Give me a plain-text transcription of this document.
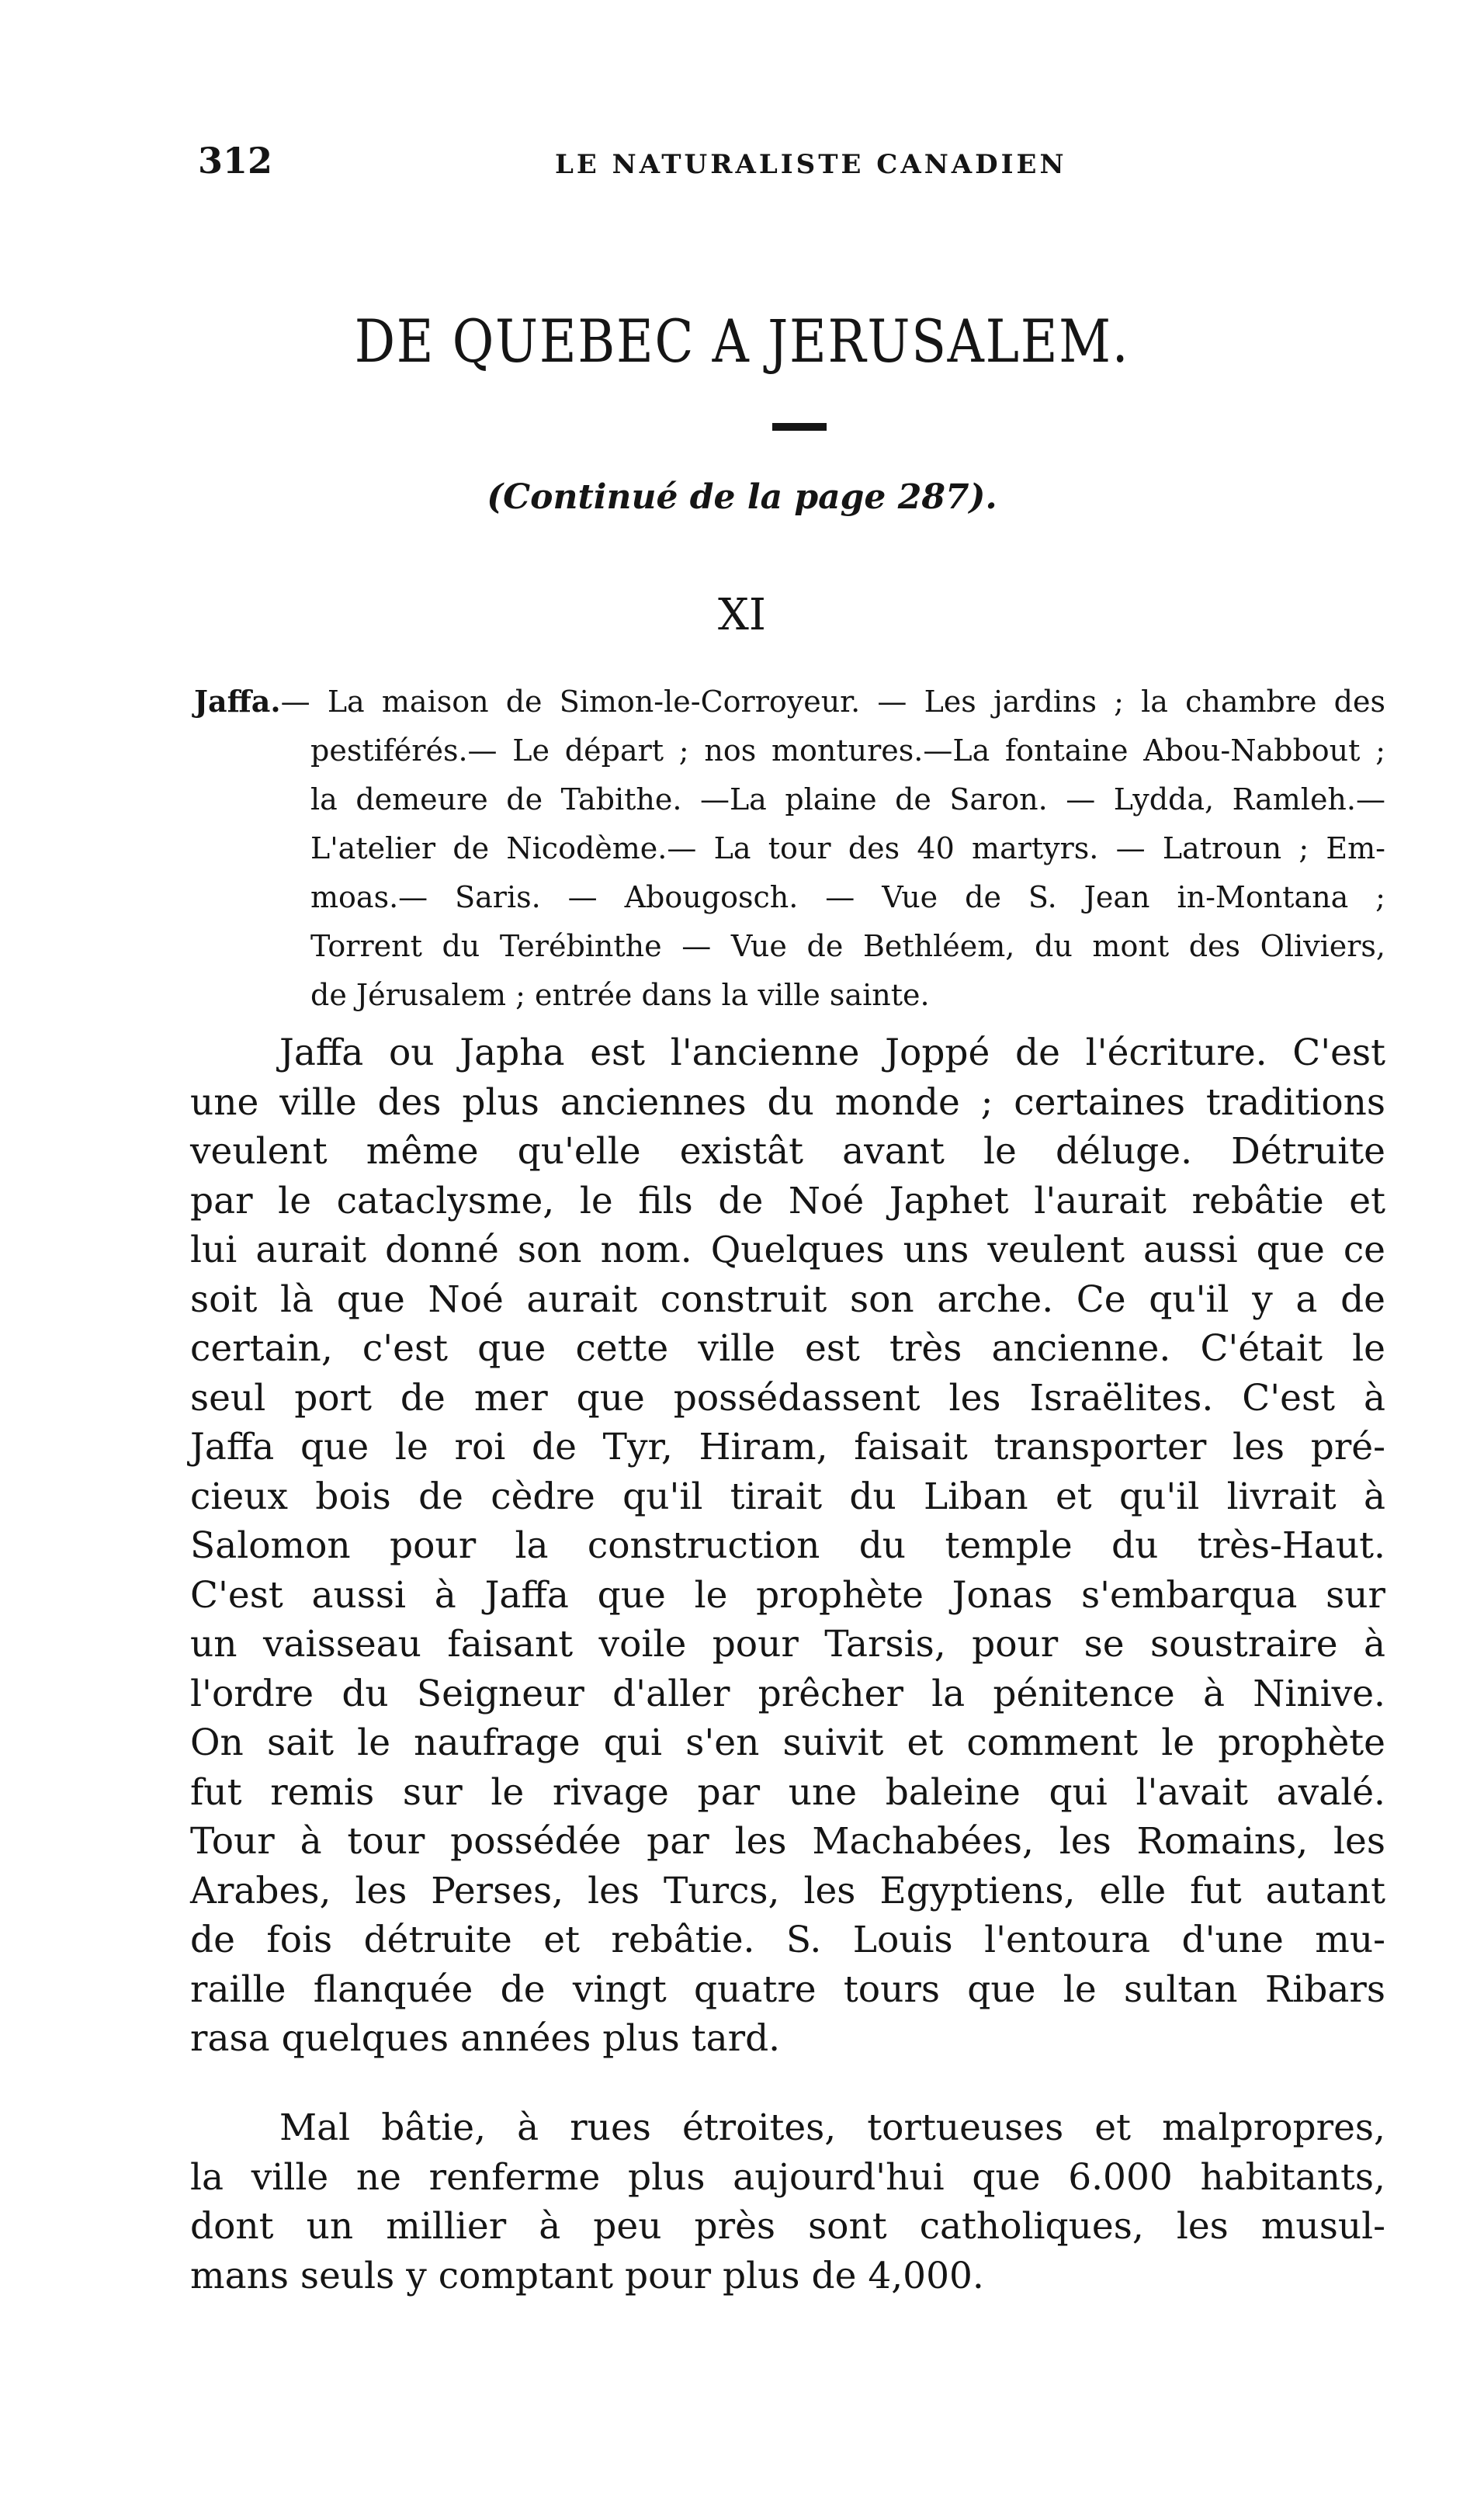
312	LE NATURALISTE CANADIEN
DE QUEBEC A JERUSALEM.
(Continué de la page 287).
XI
Jaffa.— La maison de Simon-le-Corroyeur. — Les jardins ; la chambre des
pestiférés.— Le départ ; nos montures.—La fontaine Abou-Nabbout ;
la demeure de Tabithe. —La plaine de Saron. — Lydda, Ramleh.—
L'atelier de Nicodème.— La tour des 40 martyrs. — Latroun ; Em-
moas.— Saris. — Abougosch. — Vue de S. Jean in-Montana ;
Torrent du Terébinthe — Vue de Bethléem, du mont des Oliviers,
de Jérusalem ; entrée dans la ville sainte.
Jaffa ou Japha est l'ancienne Joppé de l'écriture. C'est
une ville des plus anciennes du monde ; certaines traditions
veulent même qu'elle existât avant le déluge. Détruite
par le cataclysme, le fils de Noé Japhet l'aurait rebâtie et
lui aurait donné son nom. Quelques uns veulent aussi que ce
soit là que Noé aurait construit son arche. Ce qu'il y a de
certain, c'est que cette ville est très ancienne. C'était le
seul port de mer que possédassent les Israëlites. C'est à
Jaffa que le roi de Tyr, Hiram, faisait transporter les pré-
cieux bois de cèdre qu'il tirait du Liban et qu'il livrait à
Salomon pour la construction du temple du très-Haut.
C'est aussi à Jaffa que le prophète Jonas s'embarqua sur
un vaisseau faisant voile pour Tarsis, pour se soustraire à
l'ordre du Seigneur d'aller prêcher la pénitence à Ninive.
On sait le naufrage qui s'en suivit et comment le prophète
fut remis sur le rivage par une baleine qui l'avait avalé.
Tour à tour possédée par les Machabées, les Romains, les
Arabes, les Perses, les Turcs, les Egyptiens, elle fut autant
de fois détruite et rebâtie. S. Louis l'entoura d'une mu-
raille flanquée de vingt quatre tours que le sultan Ribars
rasa quelques années plus tard.
Mal bâtie, à rues étroites, tortueuses et malpropres,
la ville ne renferme plus aujourd'hui que 6.000 habitants,
dont un millier à peu près sont catholiques, les musul-
mans seuls y comptant pour plus de 4,000.
